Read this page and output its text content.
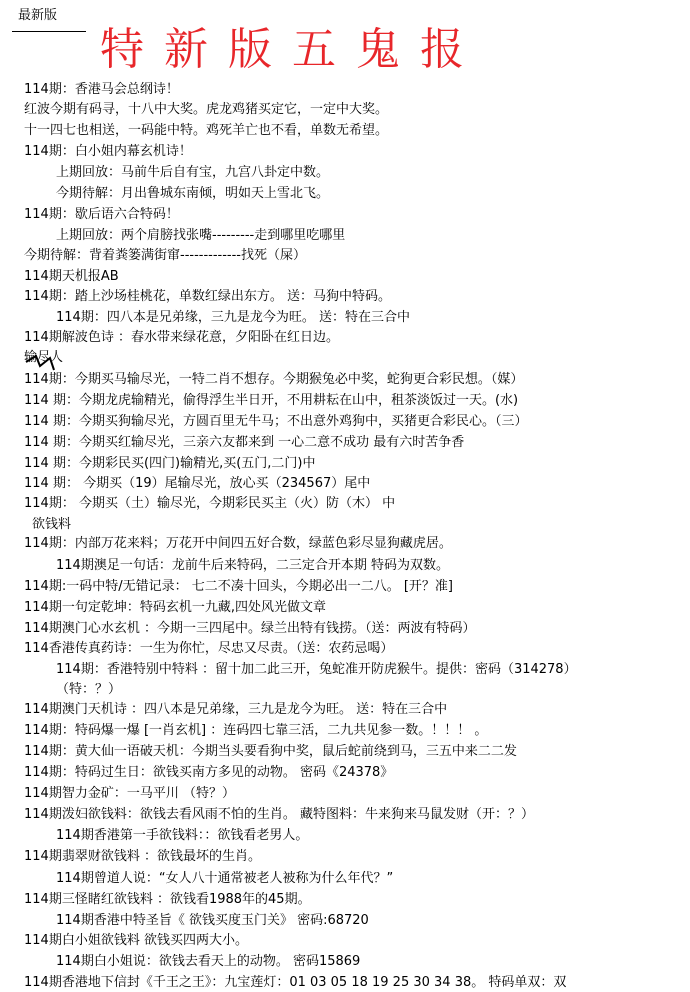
最新版
特新版五鬼报
114期：香港马会总纲诗！
红波今期有码寻，十八中大奖。虎龙鸡猪买定它，一定中大奖。
十一四七也相送，一码能中特。鸡死羊亡也不看，单数无希望。
114期：白小姐内幕玄机诗！
上期回放：马前牛后自有宝，九宫八卦定中数。
今期待解：月出鲁城东南倾，明如天上雪北飞。
114期：歇后语六合特码！
上期回放：两个肩膀找张嘴---------走到哪里吃哪里
今期待解：背着粪篓满街窜-------------找死（屎）
114期天机报AB
114期：踏上沙场桂桃花，单数红绿出东方。 送：马狗中特码。
114期：四八本是兄弟缘，三九是龙今为旺。 送：特在三合中
114期解波色诗 ：春水带来绿花意，夕阳卧在红日边。
输尽人
114期：今期买马输尽光，一特二肖不想存。今期猴兔必中奖，蛇狗更合彩民想。（媒）
114 期：今期龙虎输精光，偷得浮生半日开，不用耕耘在山中，租茶淡饭过一天。(水)
114 期：今期买狗输尽光，方圆百里无牛马；不出意外鸡狗中，买猪更合彩民心。（三）
114 期：今期买红输尽光，三亲六友都来到 一心二意不成功 最有六时苦争香
114 期：今期彩民买(四门)输精光,买(五门,二门)中
114 期： 今期买（19）尾输尽光，放心买（234567）尾中
114期： 今期买（土）输尽光，今期彩民买主（火）防（木） 中
欲钱料
114期：内部万花来料；万花开中间四五好合数，绿蓝色彩尽显狗藏虎居。
114期澳足一句话：龙前牛后来特码，二三定合开本期 特码为双数。
114期:一码中特/无错记录： 七二不凑十回头，今期必出一二八。 [开？准]
114期一句定乾坤：特码玄机一九藏,四处风光做文章
114期澳门心水玄机 ：今期一三四尾中。绿兰出特有钱捞。（送：两波有特码）
114香港传真药诗：一生为你忙，尽忠又尽责。（送：农药忌喝）
114期：香港特别中特料 ：留十加二此三开，兔蛇准开防虎猴牛。提供：密码（314278）
（特：？）
114期澳门天机诗 ：四八本是兄弟缘，三九是龙今为旺。 送：特在三合中
114期：特码爆一爆 [一肖玄机] ：连码四七靠三活，二九共见参一数。！！！ 。
114期：黄大仙一语破天机：今期当头要看狗中奖，鼠后蛇前绕到马，三五中来二二发
114期：特码过生日：欲钱买南方多见的动物。 密码《24378》
114期智力金矿：一马平川 （特？）
114期泼妇欲钱料：欲钱去看风雨不怕的生肖。 藏特图料：牛来狗来马鼠发财（开：？）
114期香港第一手欲钱料：：欲钱看老男人。
114期翡翠财欲钱料 ：欲钱最坏的生肖。
114期曾道人说：“女人八十通常被老人被称为什么年代？”
114期三怪睹红欲钱料 ：欲钱看1988年的45期。
114期香港中特圣旨《 欲钱买度玉门关》 密码:68720
114期白小姐欲钱料 欲钱买四两大小。
114期白小姐说：欲钱去看天上的动物。 密码15869
114期香港地下信封《千王之王》：九宝莲灯：01 03 05 18 19 25 30 34 38。 特码单双：双
